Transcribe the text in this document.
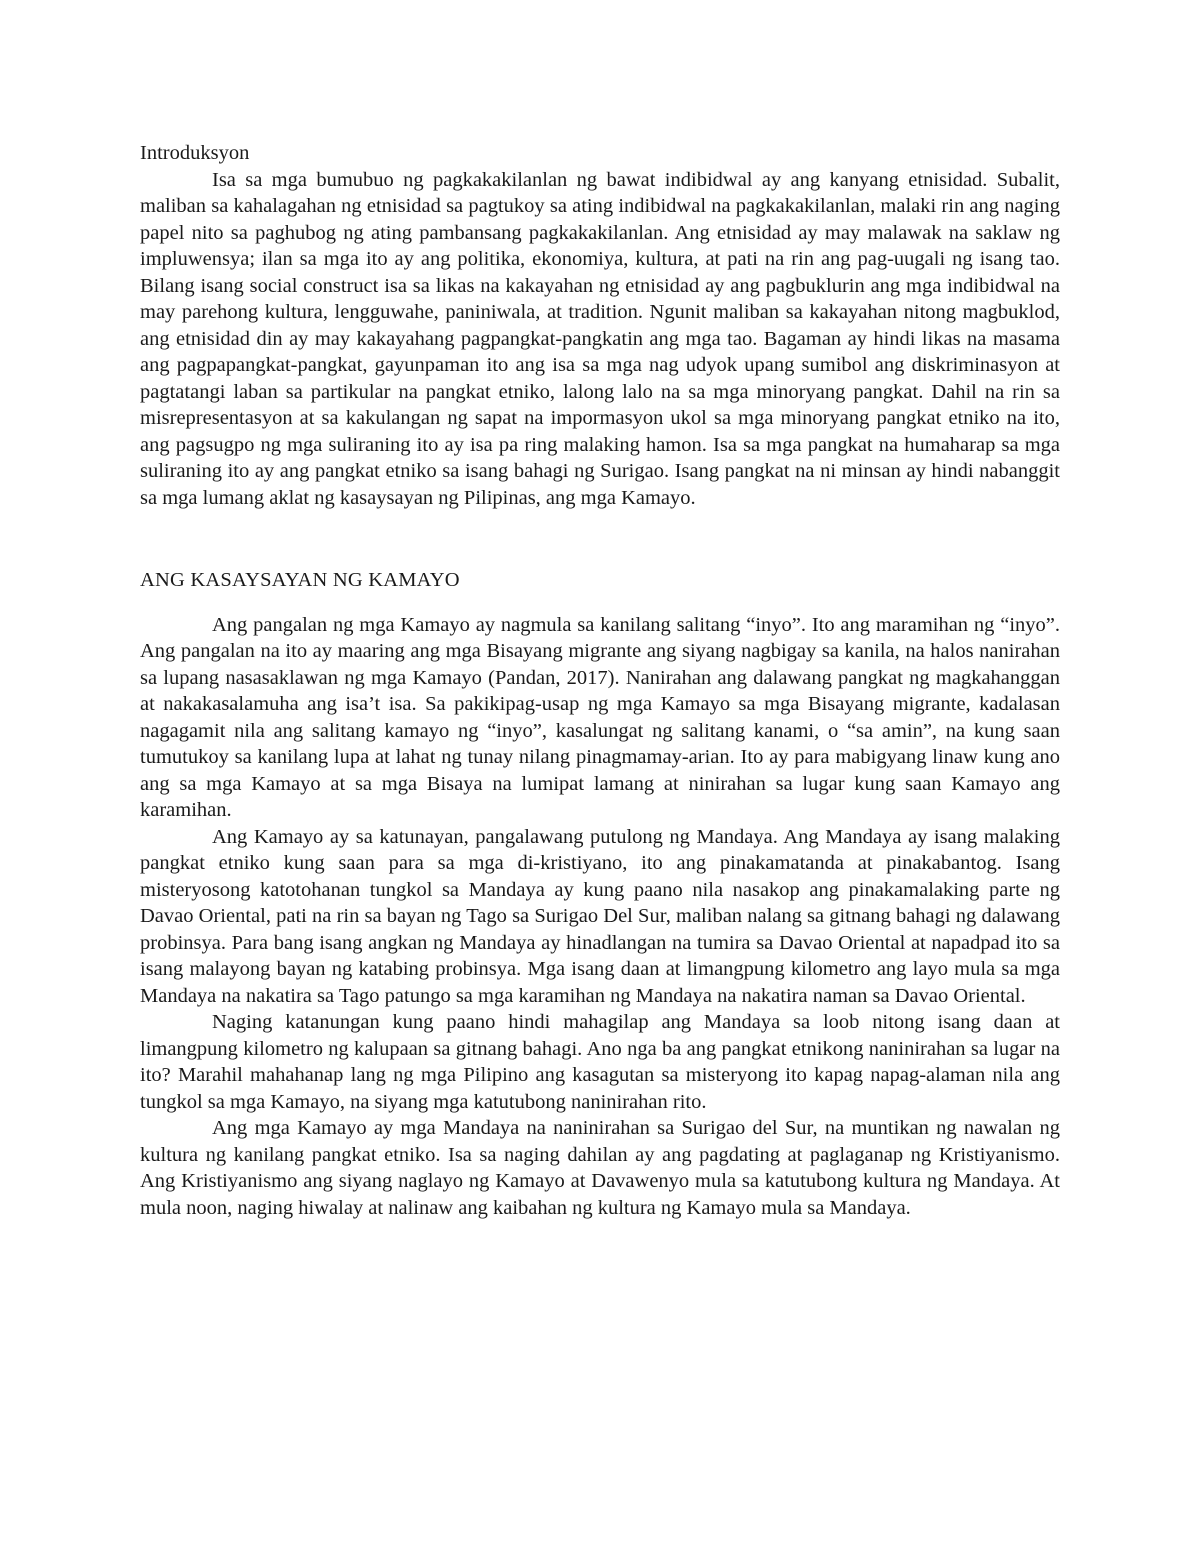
Introduksyon

Isa sa mga bumubuo ng pagkakakilanlan ng bawat indibidwal ay ang kanyang etnisidad. Subalit, maliban sa kahalagahan ng etnisidad sa pagtukoy sa ating indibidwal na pagkakakilanlan, malaki rin ang naging papel nito sa paghubog ng ating pambansang pagkakakilanlan. Ang etnisidad ay may malawak na saklaw ng impluwensya; ilan sa mga ito ay ang politika, ekonomiya, kultura, at pati na rin ang pag-uugali ng isang tao. Bilang isang social construct isa sa likas na kakayahan ng etnisidad ay ang pagbuklurin ang mga indibidwal na may parehong kultura, lengguwahe, paniniwala, at tradition. Ngunit maliban sa kakayahan nitong magbuklod, ang etnisidad din ay may kakayahang pagpangkat-pangkatin ang mga tao. Bagaman ay hindi likas na masama ang pagpapangkat-pangkat, gayunpaman ito ang isa sa mga nag udyok upang sumibol ang diskriminasyon at pagtatangi laban sa partikular na pangkat etniko, lalong lalo na sa mga minoryang pangkat. Dahil na rin sa misrepresentasyon at sa kakulangan ng sapat na impormasyon ukol sa mga minoryang pangkat etniko na ito, ang pagsugpo ng mga suliraning ito ay isa pa ring malaking hamon. Isa sa mga pangkat na humaharap sa mga suliraning ito ay ang pangkat etniko sa isang bahagi ng Surigao. Isang pangkat na ni minsan ay hindi nabanggit sa mga lumang aklat ng kasaysayan ng Pilipinas, ang mga Kamayo.

ANG KASAYSAYAN NG KAMAYO

Ang pangalan ng mga Kamayo ay nagmula sa kanilang salitang “inyo”. Ito ang maramihan ng “inyo”. Ang pangalan na ito ay maaring ang mga Bisayang migrante ang siyang nagbigay sa kanila, na halos nanirahan sa lupang nasasaklawan ng mga Kamayo (Pandan, 2017). Nanirahan ang dalawang pangkat ng magkahanggan at nakakasalamuha ang isa’t isa. Sa pakikipag-usap ng mga Kamayo sa mga Bisayang migrante, kadalasan nagagamit nila ang salitang kamayo ng “inyo”, kasalungat ng salitang kanami, o “sa amin”, na kung saan tumutukoy sa kanilang lupa at lahat ng tunay nilang pinagmamay-arian. Ito ay para mabigyang linaw kung ano ang sa mga Kamayo at sa mga Bisaya na lumipat lamang at ninirahan sa lugar kung saan Kamayo ang karamihan.

Ang Kamayo ay sa katunayan, pangalawang putulong ng Mandaya. Ang Mandaya ay isang malaking pangkat etniko kung saan para sa mga di-kristiyano, ito ang pinakamatanda at pinakabantog. Isang misteryosong katotohanan tungkol sa Mandaya ay kung paano nila nasakop ang pinakamalaking parte ng Davao Oriental, pati na rin sa bayan ng Tago sa Surigao Del Sur, maliban nalang sa gitnang bahagi ng dalawang probinsya. Para bang isang angkan ng Mandaya ay hinadlangan na tumira sa Davao Oriental at napadpad ito sa isang malayong bayan ng katabing probinsya. Mga isang daan at limangpung kilometro ang layo mula sa mga Mandaya na nakatira sa Tago patungo sa mga karamihan ng Mandaya na nakatira naman sa Davao Oriental.

Naging katanungan kung paano hindi mahagilap ang Mandaya sa loob nitong isang daan at limangpung kilometro ng kalupaan sa gitnang bahagi. Ano nga ba ang pangkat etnikong naninirahan sa lugar na ito? Marahil mahahanap lang ng mga Pilipino ang kasagutan sa misteryong ito kapag napag-alaman nila ang tungkol sa mga Kamayo, na siyang mga katutubong naninirahan rito.

Ang mga Kamayo ay mga Mandaya na naninirahan sa Surigao del Sur, na muntikan ng nawalan ng kultura ng kanilang pangkat etniko. Isa sa naging dahilan ay ang pagdating at paglaganap ng Kristiyanismo. Ang Kristiyanismo ang siyang naglayo ng Kamayo at Davawenyo mula sa katutubong kultura ng Mandaya. At mula noon, naging hiwalay at nalinaw ang kaibahan ng kultura ng Kamayo mula sa Mandaya.
